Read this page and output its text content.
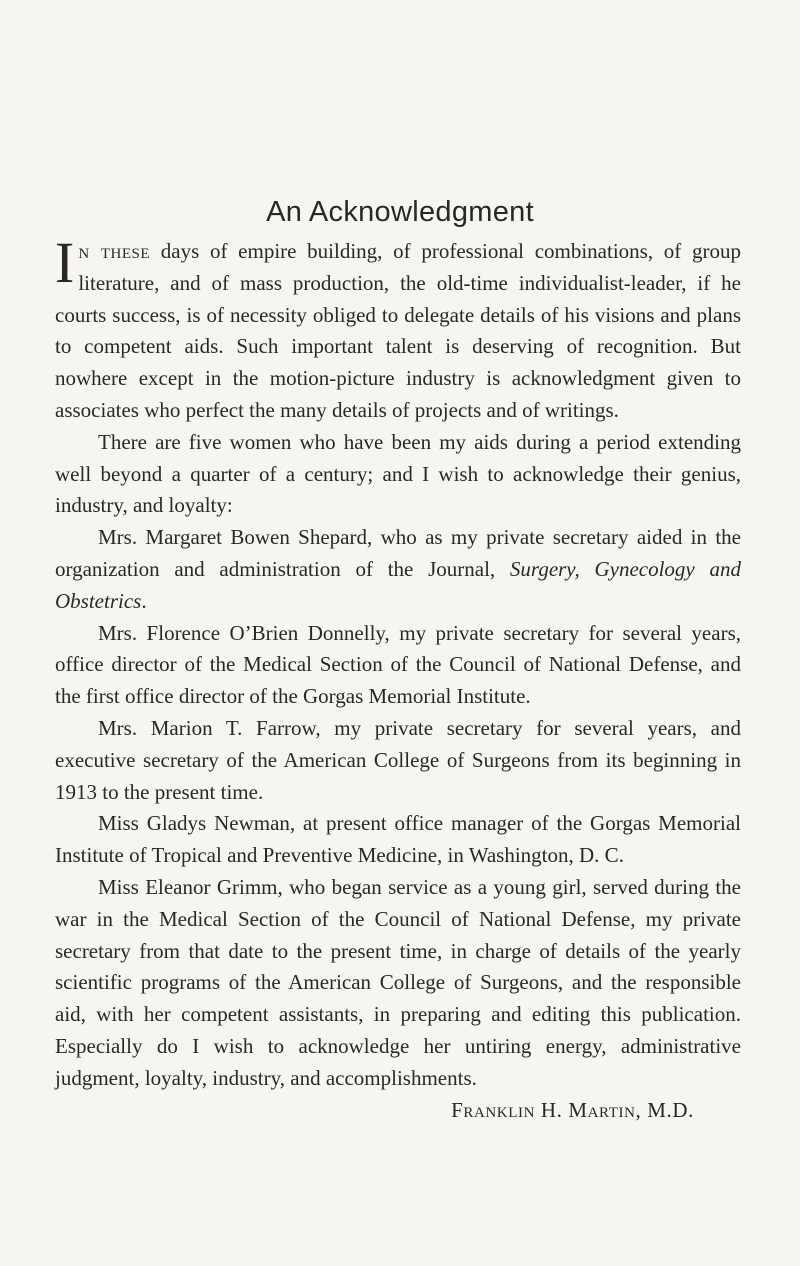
An Acknowledgment

In these days of empire building, of professional combinations, of group literature, and of mass production, the old-time individualist-leader, if he courts success, is of necessity obliged to delegate details of his visions and plans to competent aids. Such important talent is deserving of recognition. But nowhere except in the motion-picture industry is acknowledgment given to associates who perfect the many details of projects and of writings.

There are five women who have been my aids during a period extending well beyond a quarter of a century; and I wish to acknowledge their genius, industry, and loyalty:

Mrs. Margaret Bowen Shepard, who as my private secretary aided in the organization and administration of the Journal, Surgery, Gynecology and Obstetrics.

Mrs. Florence O’Brien Donnelly, my private secretary for several years, office director of the Medical Section of the Council of National Defense, and the first office director of the Gorgas Memorial Institute.

Mrs. Marion T. Farrow, my private secretary for several years, and executive secretary of the American College of Surgeons from its beginning in 1913 to the present time.

Miss Gladys Newman, at present office manager of the Gorgas Memorial Institute of Tropical and Preventive Medicine, in Washington, D. C.

Miss Eleanor Grimm, who began service as a young girl, served during the war in the Medical Section of the Council of National Defense, my private secretary from that date to the present time, in charge of details of the yearly scientific programs of the American College of Surgeons, and the responsible aid, with her competent assistants, in preparing and editing this publication. Especially do I wish to acknowledge her untiring energy, administrative judgment, loyalty, industry, and accomplishments.

Franklin H. Martin, M.D.
